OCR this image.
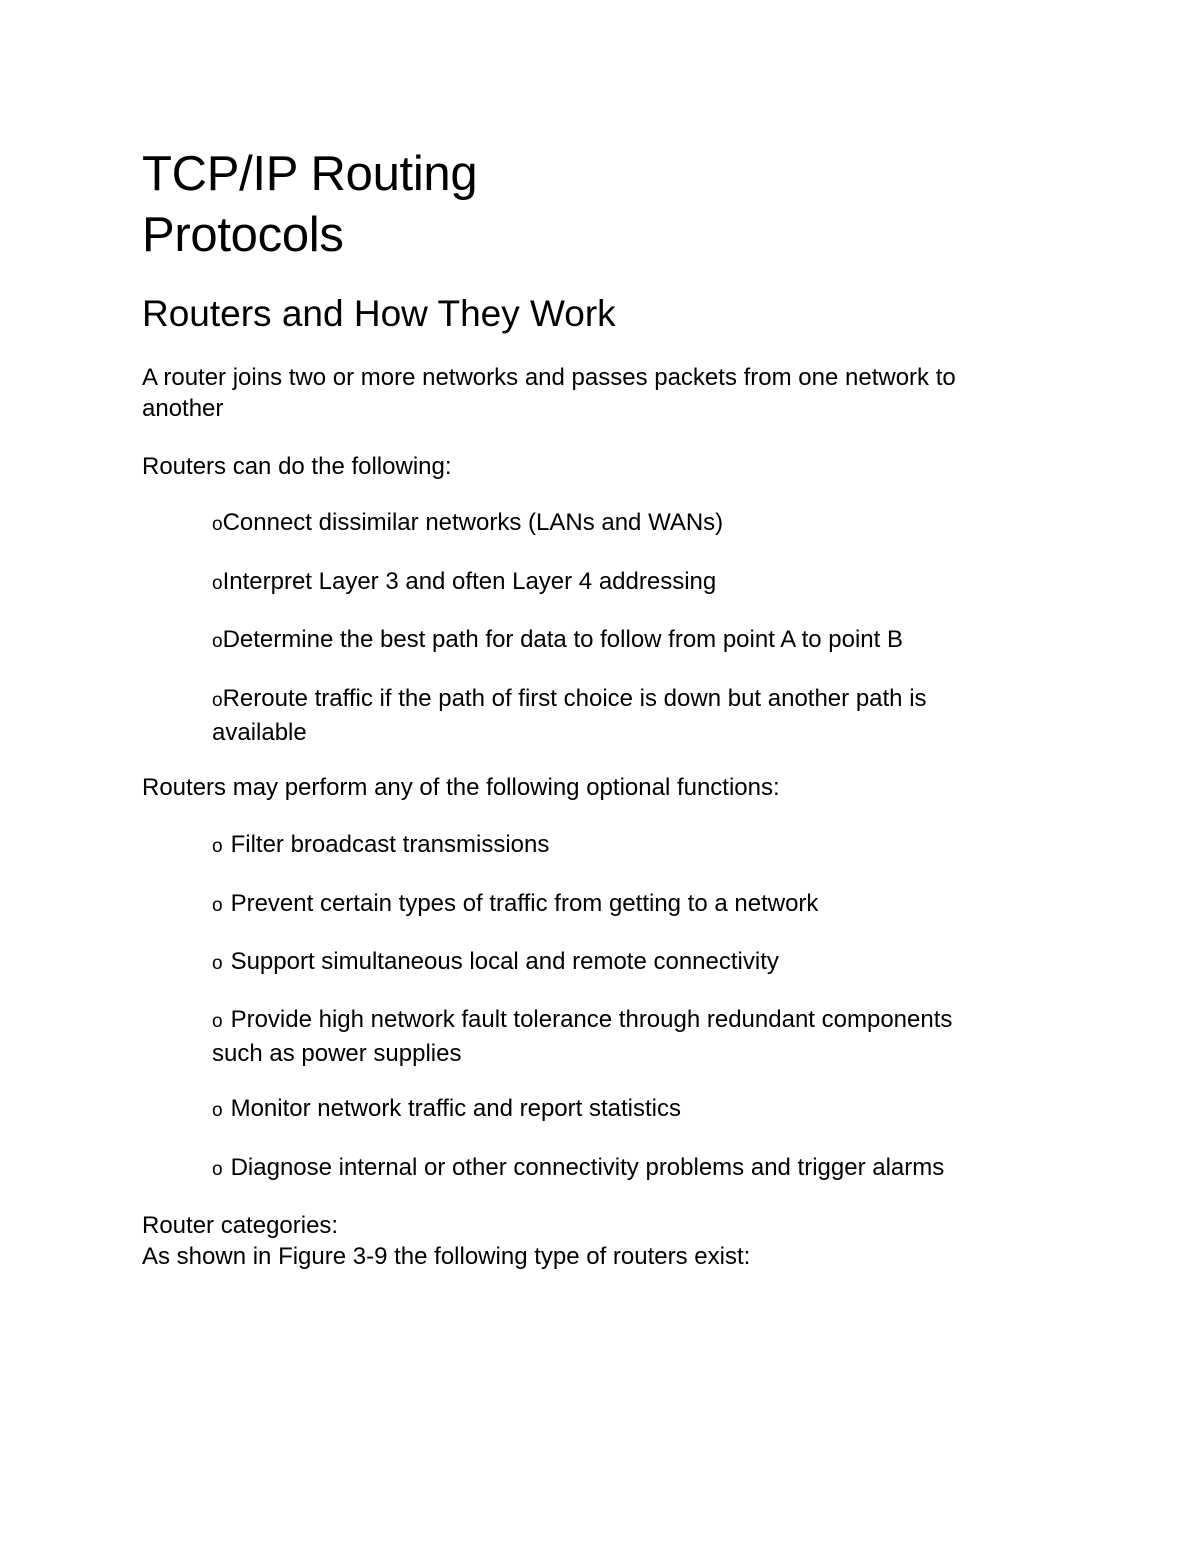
TCP/IP Routing
Protocols
Routers and How They Work

A router joins two or more networks and passes packets from one network to
another

Routers can do the following:

oConnect dissimilar networks (LANs and WANs)

oInterpret Layer 3 and often Layer 4 addressing

oDetermine the best path for data to follow from point A to point B

oReroute traffic if the path of first choice is down but another path is
available

Routers may perform any of the following optional functions:

o Filter broadcast transmissions

o Prevent certain types of traffic from getting to a network

o Support simultaneous local and remote connectivity

o Provide high network fault tolerance through redundant components
such as power supplies

o Monitor network traffic and report statistics

o Diagnose internal or other connectivity problems and trigger alarms

Router categories:
As shown in Figure 3-9 the following type of routers exist:
